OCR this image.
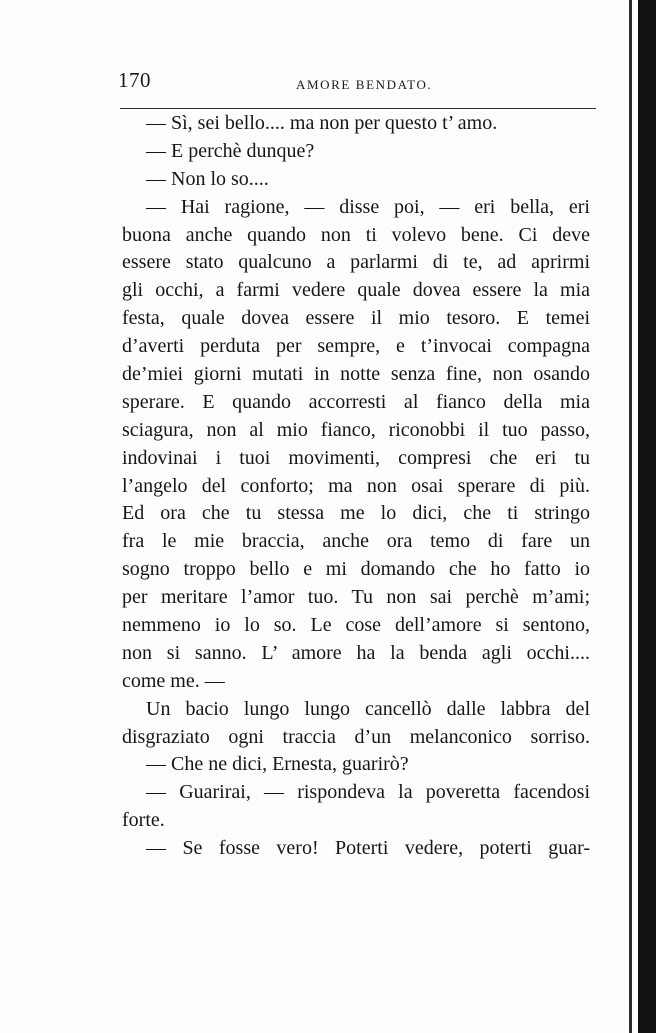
170	AMORE BENDATO.
— Sì, sei bello.... ma non per questo t’ amo.
— E perchè dunque?
— Non lo so....
— Hai ragione, — disse poi, — eri bella, eri
buona anche quando non ti volevo bene. Ci deve
essere stato qualcuno a parlarmi di te, ad aprirmi
gli occhi, a farmi vedere quale dovea essere la mia
festa, quale dovea essere il mio tesoro. E temei
d’averti perduta per sempre, e t’invocai compagna
de’miei giorni mutati in notte senza fine, non osando
sperare. E quando accorresti al fianco della mia
sciagura, non al mio fianco, riconobbi il tuo passo,
indovinai i tuoi movimenti, compresi che eri tu
l’angelo del conforto; ma non osai sperare di più.
Ed ora che tu stessa me lo dici, che ti stringo
fra le mie braccia, anche ora temo di fare un
sogno troppo bello e mi domando che ho fatto io
per meritare l’amor tuo. Tu non sai perchè m’ami;
nemmeno io lo so. Le cose dell’amore si sentono,
non si sanno. L’ amore ha la benda agli occhi....
come me. —
Un bacio lungo lungo cancellò dalle labbra del
disgraziato ogni traccia d’un melanconico sorriso.
— Che ne dici, Ernesta, guarirò?
— Guarirai, — rispondeva la poveretta facendosi
forte.
— Se fosse vero! Poterti vedere, poterti guar-
